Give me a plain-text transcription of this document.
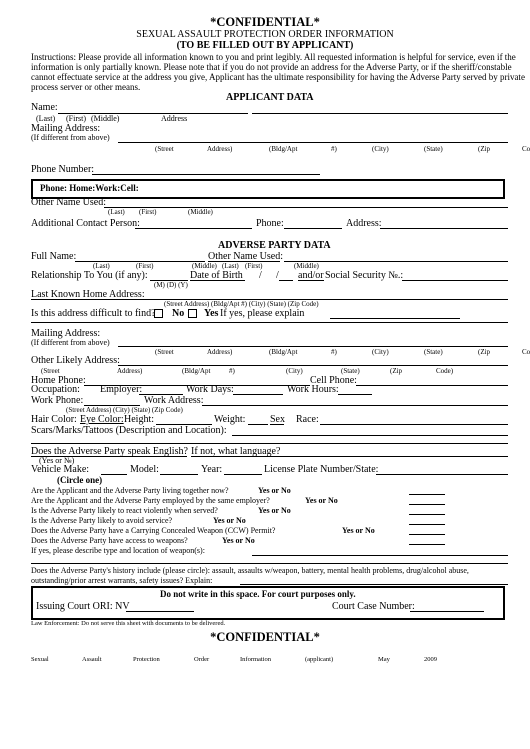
*CONFIDENTIAL*
SEXUAL ASSAULT PROTECTION ORDER INFORMATION
(TO BE FILLED OUT BY APPLICANT)
Instructions: Please provide all information known to you and print legibly. All requested information is helpful for service, even if the
information is only partially known. Please note that if you do not provide an address for the Adverse Party, or if the sheriff/constable
cannot effectuate service at the address you give, Applicant has the ultimate responsibility for having the Adverse Party served by private
process server or other means.
APPLICANT DATA
Name:
(Last) (First) (Middle)	Address
Mailing Address:
(If different from above)
(Street	Address)	(Bldg/Apt	#)	(City)	(State)	(Zip	Co
Phone Number:
Phone: Home:Work:Cell:
Other Name Used:
(Last) (First)	(Middle)
Additional Contact Person:	Phone:	Address:
ADVERSE PARTY DATA
Full Name:	Other Name Used:
(Last)	(First)	(Middle) (Last) (First)	(Middle)
Relationship To You (if any):	Date of Birth / / and/or Social Security №.:
(M) (D) (Y)
Last Known Home Address:
(Street Address) (Bldg/Apt #) (City) (State) (Zip Code)
Is this address difficult to find? No Yes If yes, please explain
Mailing Address:
(If different from above)
(Street	Address)	(Bldg/Apt	#)	(City)	(State)	(Zip	Co
Other Likely Address:
(Street	Address)	(Bldg/Apt	#)	(City)	(State)	(Zip	Code)
Home Phone:	Cell Phone:
Occupation: Employer:	Work Days:	Work Hours:
Work Phone:	Work Address:
(Street Address) (City) (State) (Zip Code)
Hair Color: Eye Color: Height:	Weight: Sex Race:
Scars/Marks/Tattoos (Description and Location):
Does the Adverse Party speak English? If not, what language?
(Yes or №)
Vehicle Make:	Model:	Year:	License Plate Number/State:
(Circle one)
Are the Applicant and the Adverse Party living together now?	Yes or No
Are the Applicant and the Adverse Party employed by the same employer?	Yes or No
Is the Adverse Party likely to react violently when served?	Yes or No
Is the Adverse Party likely to avoid service?	Yes or No
Does the Adverse Party have a Carrying Concealed Weapon (CCW) Permit?	Yes or No
Does the Adverse Party have access to weapons?	Yes or No
If yes, please describe type and location of weapon(s):
Does the Adverse Party's history include (please circle): assault, assaults w/weapon, battery, mental health problems, drug/alcohol abuse,
outstanding/prior arrest warrants, safety issues? Explain:
Do not write in this space. For court purposes only.
Issuing Court ORI: NV	Court Case Number:
Law Enforcement: Do not serve this sheet with documents to be delivered.
*CONFIDENTIAL*
Sexual	Assault	Protection	Order	Information	(applicant)	May	2009
